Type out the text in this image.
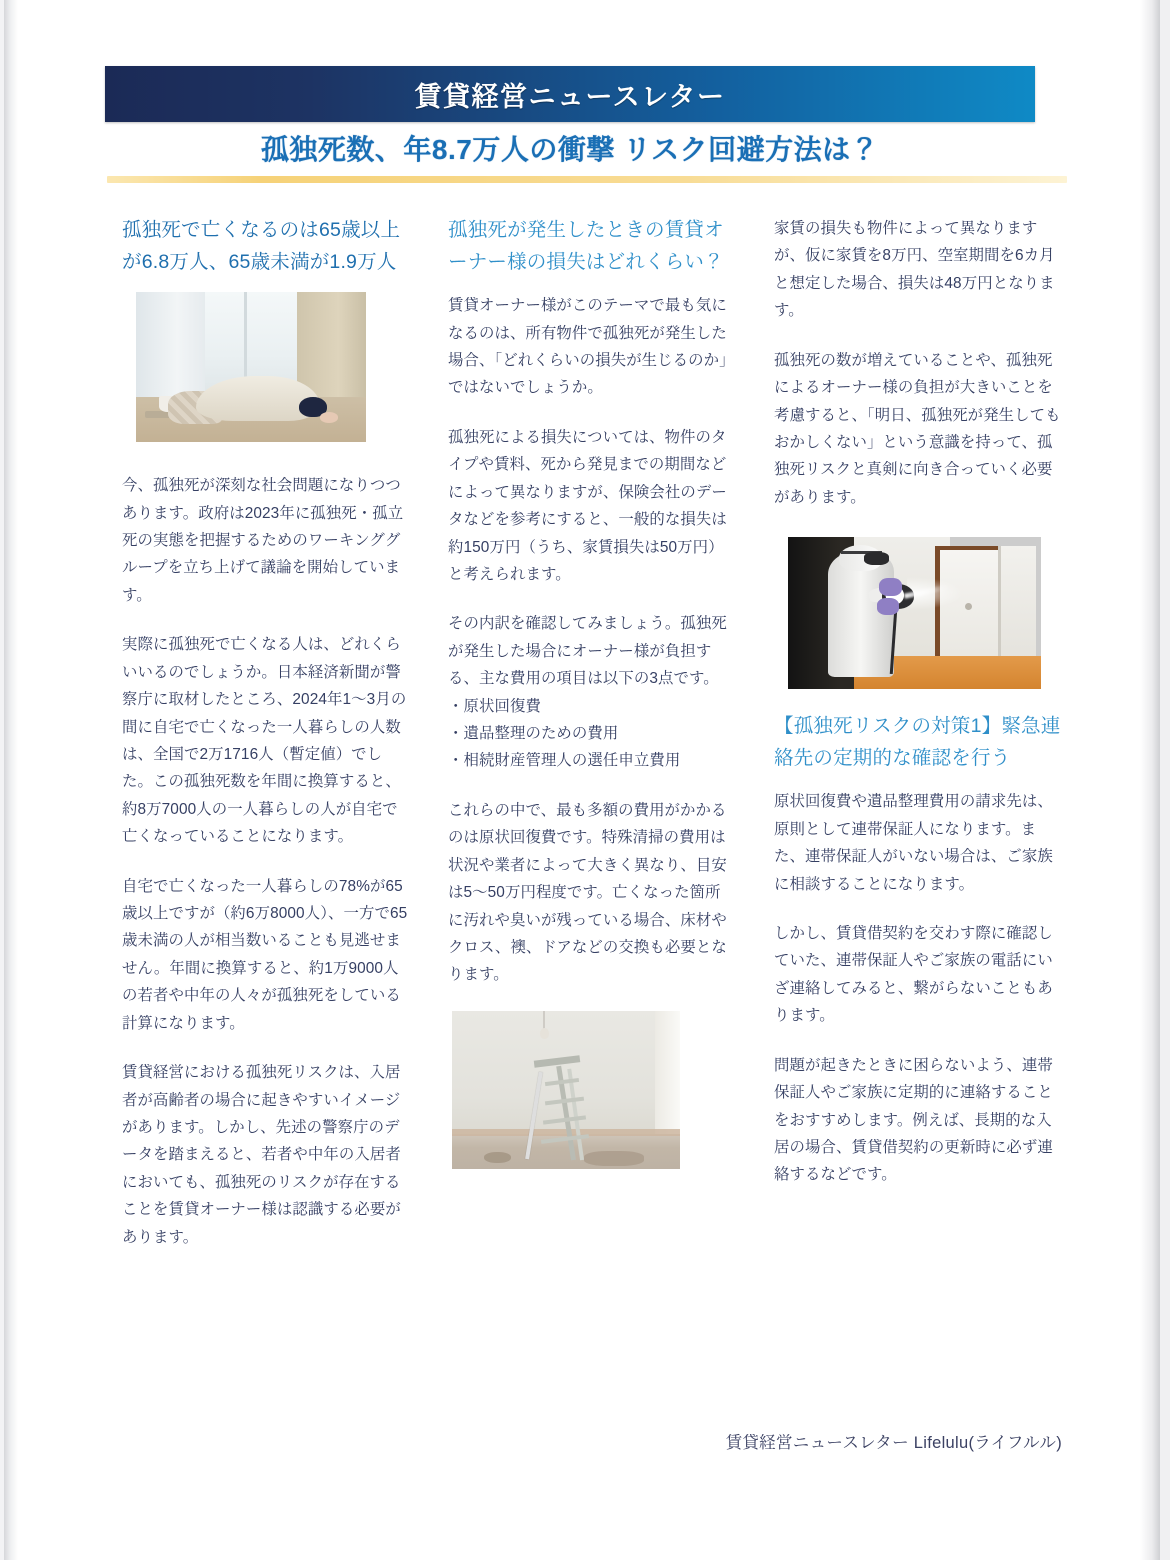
賃貸経営ニュースレター
孤独死数、年8.7万人の衝撃 リスク回避方法は？
孤独死で亡くなるのは65歳以上が6.8万人、65歳未満が1.9万人

今、孤独死が深刻な社会問題になりつつあります。政府は2023年に孤独死・孤立死の実態を把握するためのワーキンググループを立ち上げて議論を開始しています。

実際に孤独死で亡くなる人は、どれくらいいるのでしょうか。日本経済新聞が警察庁に取材したところ、2024年1〜3月の間に自宅で亡くなった一人暮らしの人数は、全国で2万1716人（暫定値）でした。この孤独死数を年間に換算すると、約8万7000人の一人暮らしの人が自宅で亡くなっていることになります。

自宅で亡くなった一人暮らしの78%が65歳以上ですが（約6万8000人）、一方で65歳未満の人が相当数いることも見逃せません。年間に換算すると、約1万9000人の若者や中年の人々が孤独死をしている計算になります。

賃貸経営における孤独死リスクは、入居者が高齢者の場合に起きやすいイメージがあります。しかし、先述の警察庁のデータを踏まえると、若者や中年の入居者においても、孤独死のリスクが存在することを賃貸オーナー様は認識する必要があります。

孤独死が発生したときの賃貸オーナー様の損失はどれくらい？

賃貸オーナー様がこのテーマで最も気になるのは、所有物件で孤独死が発生した場合、「どれくらいの損失が生じるのか」ではないでしょうか。

孤独死による損失については、物件のタイプや賃料、死から発見までの期間などによって異なりますが、保険会社のデータなどを参考にすると、一般的な損失は約150万円（うち、家賃損失は50万円）と考えられます。

その内訳を確認してみましょう。孤独死が発生した場合にオーナー様が負担する、主な費用の項目は以下の3点です。

・原状回復費
・遺品整理のための費用
・相続財産管理人の選任申立費用

これらの中で、最も多額の費用がかかるのは原状回復費です。特殊清掃の費用は状況や業者によって大きく異なり、目安は5〜50万円程度です。亡くなった箇所に汚れや臭いが残っている場合、床材やクロス、襖、ドアなどの交換も必要となります。

家賃の損失も物件によって異なりますが、仮に家賃を8万円、空室期間を6カ月と想定した場合、損失は48万円となります。

孤独死の数が増えていることや、孤独死によるオーナー様の負担が大きいことを考慮すると、「明日、孤独死が発生してもおかしくない」という意識を持って、孤独死リスクと真剣に向き合っていく必要があります。

【孤独死リスクの対策1】緊急連絡先の定期的な確認を行う

原状回復費や遺品整理費用の請求先は、原則として連帯保証人になります。また、連帯保証人がいない場合は、ご家族に相談することになります。

しかし、賃貸借契約を交わす際に確認していた、連帯保証人やご家族の電話にいざ連絡してみると、繋がらないこともあります。

問題が起きたときに困らないよう、連帯保証人やご家族に定期的に連絡することをおすすめします。例えば、長期的な入居の場合、賃貸借契約の更新時に必ず連絡するなどです。

賃貸経営ニュースレター Lifelulu(ライフルル)
